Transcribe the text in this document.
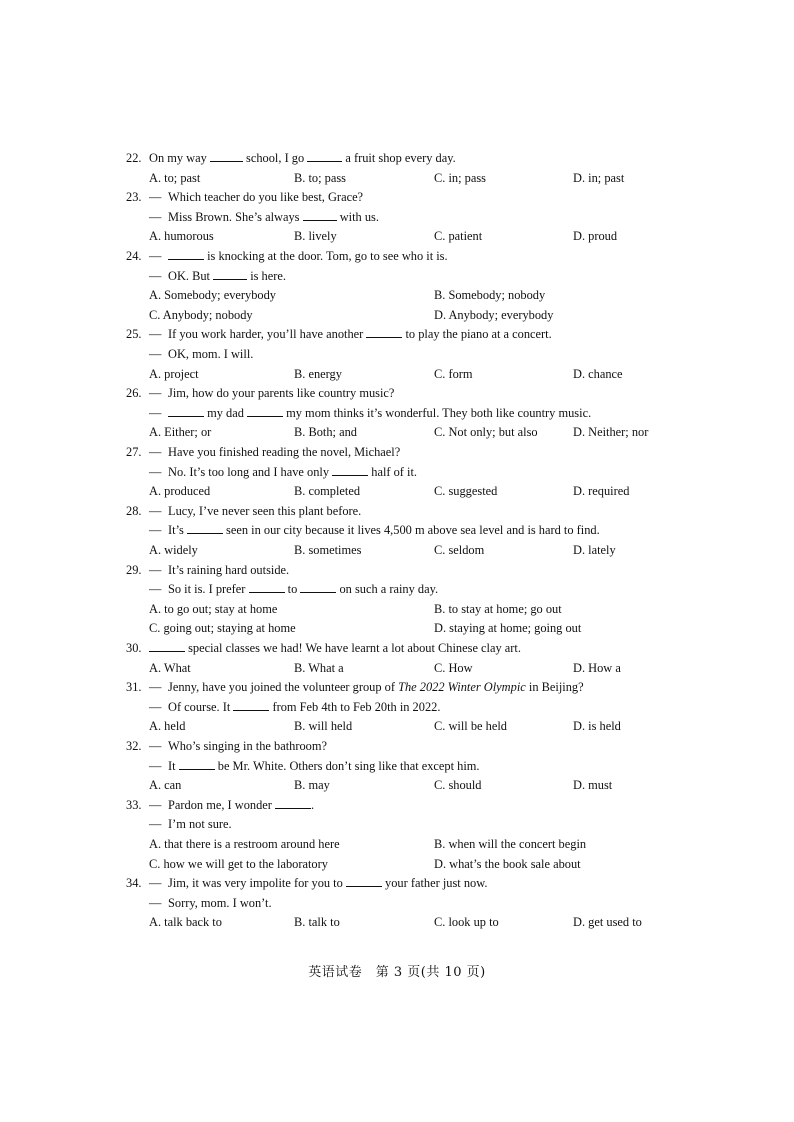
22. On my way	school, I go	a fruit shop every day.
A. to; past	B. to; pass	C. in; pass	D. in; past
23. — Which teacher do you like best, Grace?
— Miss Brown. She’s always	with us.
A. humorous	B. lively	C. patient	D. proud
24. —	is knocking at the door. Tom, go to see who it is.
— OK. But	is here.
A. Somebody; everybody	B. Somebody; nobody
C. Anybody; nobody	D. Anybody; everybody
25. — If you work harder, you’ll have another	to play the piano at a concert.
— OK, mom. I will.
A. project	B. energy	C. form	D. chance
26. — Jim, how do your parents like country music?
—	my dad	my mom thinks it’s wonderful. They both like country music.
A. Either; or	B. Both; and	C. Not only; but also	D. Neither; nor
27. — Have you finished reading the novel, Michael?
— No. It’s too long and I have only	half of it.
A. produced	B. completed	C. suggested	D. required
28. — Lucy, I’ve never seen this plant before.
— It’s	seen in our city because it lives 4,500 m above sea level and is hard to find.
A. widely	B. sometimes	C. seldom	D. lately
29. — It’s raining hard outside.
— So it is. I prefer	to	on such a rainy day.
A. to go out; stay at home	B. to stay at home; go out
C. going out; staying at home	D. staying at home; going out
30.	special classes we had! We have learnt a lot about Chinese clay art.
A. What	B. What a	C. How	D. How a
31. — Jenny, have you joined the volunteer group of The 2022 Winter Olympic in Beijing?
— Of course. It	from Feb 4th to Feb 20th in 2022.
A. held	B. will held	C. will be held	D. is held
32. — Who’s singing in the bathroom?
— It	be Mr. White. Others don’t sing like that except him.
A. can	B. may	C. should	D. must
33. — Pardon me, I wonder	.
— I’m not sure.
A. that there is a restroom around here	B. when will the concert begin
C. how we will get to the laboratory	D. what’s the book sale about
34. — Jim, it was very impolite for you to	your father just now.
— Sorry, mom. I won’t.
A. talk back to	B. talk to	C. look up to	D. get used to
英语试卷　第 3 页(共 10 页)
